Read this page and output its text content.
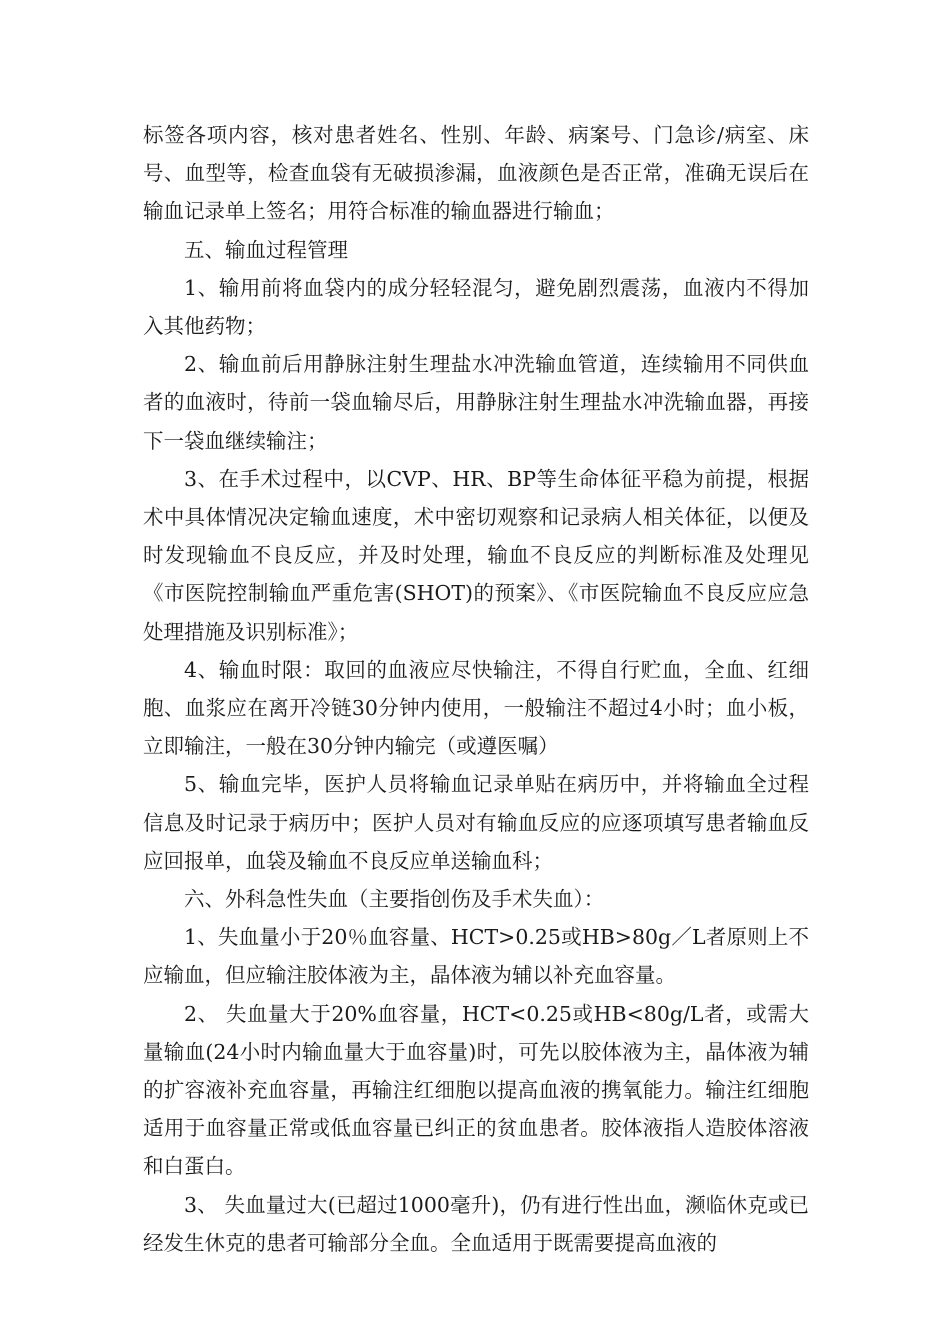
标签各项内容，核对患者姓名、性别、年龄、病案号、门急诊/病室、床号、血型等，检查血袋有无破损渗漏，血液颜色是否正常，准确无误后在输血记录单上签名；用符合标准的输血器进行输血；

五、输血过程管理

1、输用前将血袋内的成分轻轻混匀，避免剧烈震荡，血液内不得加入其他药物；

2、输血前后用静脉注射生理盐水冲洗输血管道，连续输用不同供血者的血液时，待前一袋血输尽后，用静脉注射生理盐水冲洗输血器，再接下一袋血继续输注；

3、在手术过程中，以CVP、HR、BP等生命体征平稳为前提，根据术中具体情况决定输血速度，术中密切观察和记录病人相关体征，以便及时发现输血不良反应，并及时处理，输血不良反应的判断标准及处理见《市医院控制输血严重危害(SHOT)的预案》、《市医院输血不良反应应急处理措施及识别标准》；

4、输血时限：取回的血液应尽快输注，不得自行贮血，全血、红细胞、血浆应在离开冷链30分钟内使用，一般输注不超过4小时；血小板，立即输注，一般在30分钟内输完（或遵医嘱）

5、输血完毕，医护人员将输血记录单贴在病历中，并将输血全过程信息及时记录于病历中；医护人员对有输血反应的应逐项填写患者输血反应回报单，血袋及输血不良反应单送输血科；

六、外科急性失血（主要指创伤及手术失血）：

1、失血量小于20％血容量、HCT>0.25或HB>80g／L者原则上不应输血，但应输注胶体液为主，晶体液为辅以补充血容量。

2、 失血量大于20%血容量，HCT<0.25或HB<80g/L者，或需大量输血(24小时内输血量大于血容量)时，可先以胶体液为主，晶体液为辅的扩容液补充血容量，再输注红细胞以提高血液的携氧能力。输注红细胞适用于血容量正常或低血容量已纠正的贫血患者。胶体液指人造胶体溶液和白蛋白。

3、 失血量过大(已超过1000毫升)，仍有进行性出血，濒临休克或已经发生休克的患者可输部分全血。全血适用于既需要提高血液的
